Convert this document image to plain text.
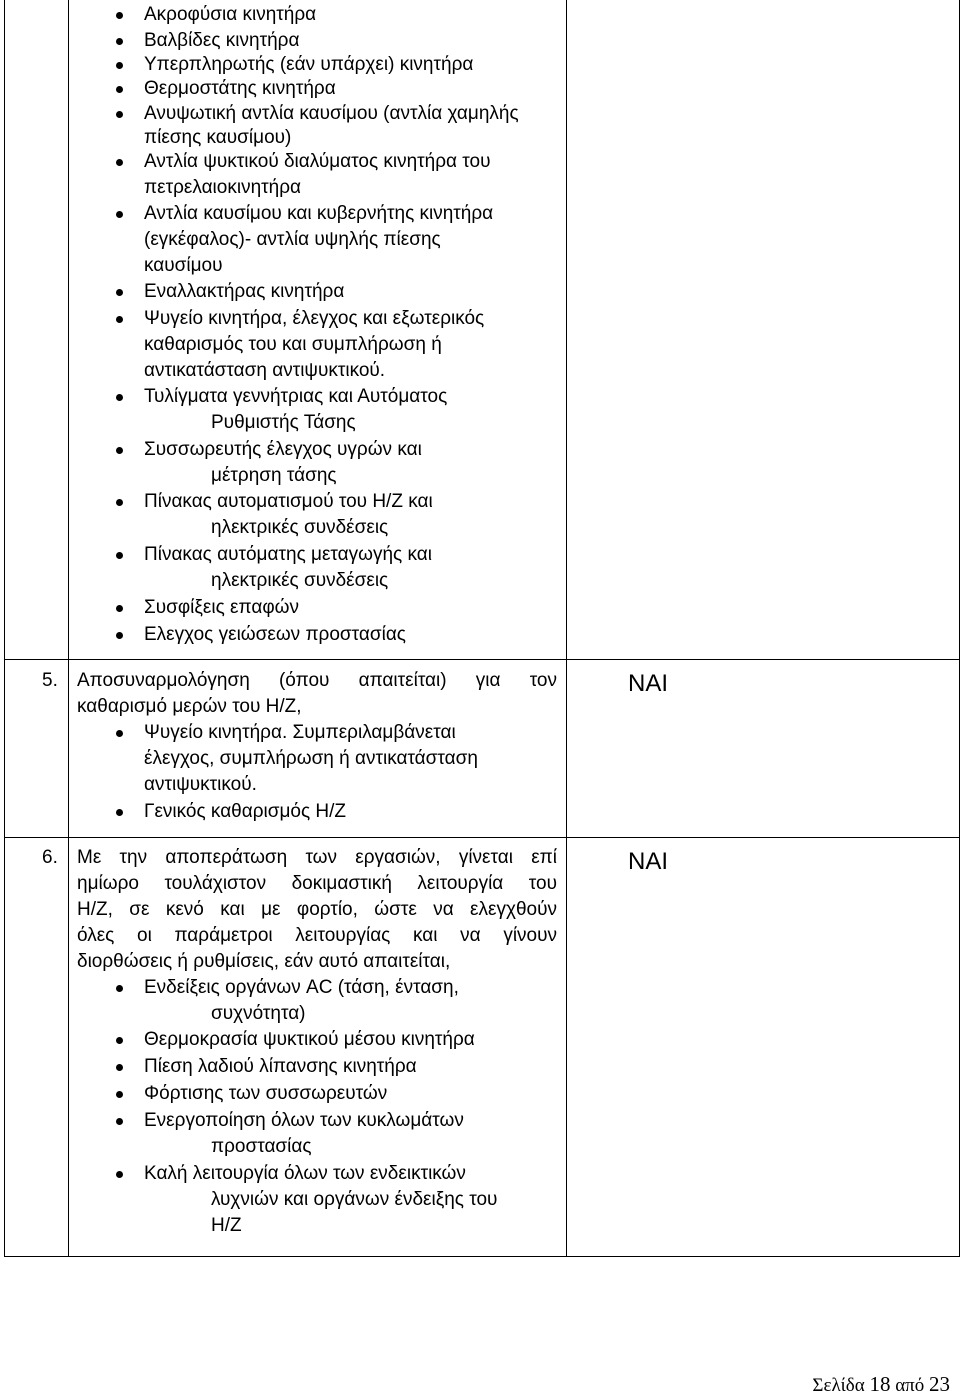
Ακροφύσια κινητήρα
Βαλβίδες κινητήρα
Υπερπληρωτής (εάν υπάρχει) κινητήρα
Θερμοστάτης κινητήρα
Ανυψωτική αντλία καυσίμου (αντλία χαμηλής
πίεσης καυσίμου)
Αντλία ψυκτικού διαλύματος κινητήρα του
πετρελαιοκινητήρα
Αντλία καυσίμου και κυβερνήτης κινητήρα
(εγκέφαλος)- αντλία υψηλής πίεσης
καυσίμου
Εναλλακτήρας κινητήρα
Ψυγείο κινητήρα, έλεγχος και εξωτερικός
καθαρισμός του και συμπλήρωση ή
αντικατάσταση αντιψυκτικού.
Τυλίγματα γεννήτριας και Αυτόματος
Ρυθμιστής Τάσης
Συσσωρευτής έλεγχος υγρών και
μέτρηση τάσης
Πίνακας αυτοματισμού του Η/Ζ και
ηλεκτρικές συνδέσεις
Πίνακας αυτόματης μεταγωγής και
ηλεκτρικές συνδέσεις
Συσφίξεις επαφών
Ελεγχος γειώσεων προστασίας
5. Αποσυναρμολόγηση (όπου απαιτείται) για τον
καθαρισμό μερών του Η/Ζ,
ΝΑΙ
Ψυγείο κινητήρα. Συμπεριλαμβάνεται
έλεγχος, συμπλήρωση ή αντικατάσταση
αντιψυκτικού.
Γενικός καθαρισμός Η/Ζ
6. Με την αποπεράτωση των εργασιών, γίνεται επί
ημίωρο τουλάχιστον δοκιμαστική λειτουργία του
Η/Ζ, σε κενό και με φορτίο, ώστε να ελεγχθούν
όλες οι παράμετροι λειτουργίας και να γίνουν
διορθώσεις ή ρυθμίσεις, εάν αυτό απαιτείται,
ΝΑΙ
Ενδείξεις οργάνων AC (τάση, ένταση,
συχνότητα)
Θερμοκρασία ψυκτικού μέσου κινητήρα
Πίεση λαδιού λίπανσης κινητήρα
Φόρτισης των συσσωρευτών
Ενεργοποίηση όλων των κυκλωμάτων
προστασίας
Καλή λειτουργία όλων των ενδεικτικών
λυχνιών και οργάνων ένδειξης του
Η/Ζ
Σελίδα 18 από 23
